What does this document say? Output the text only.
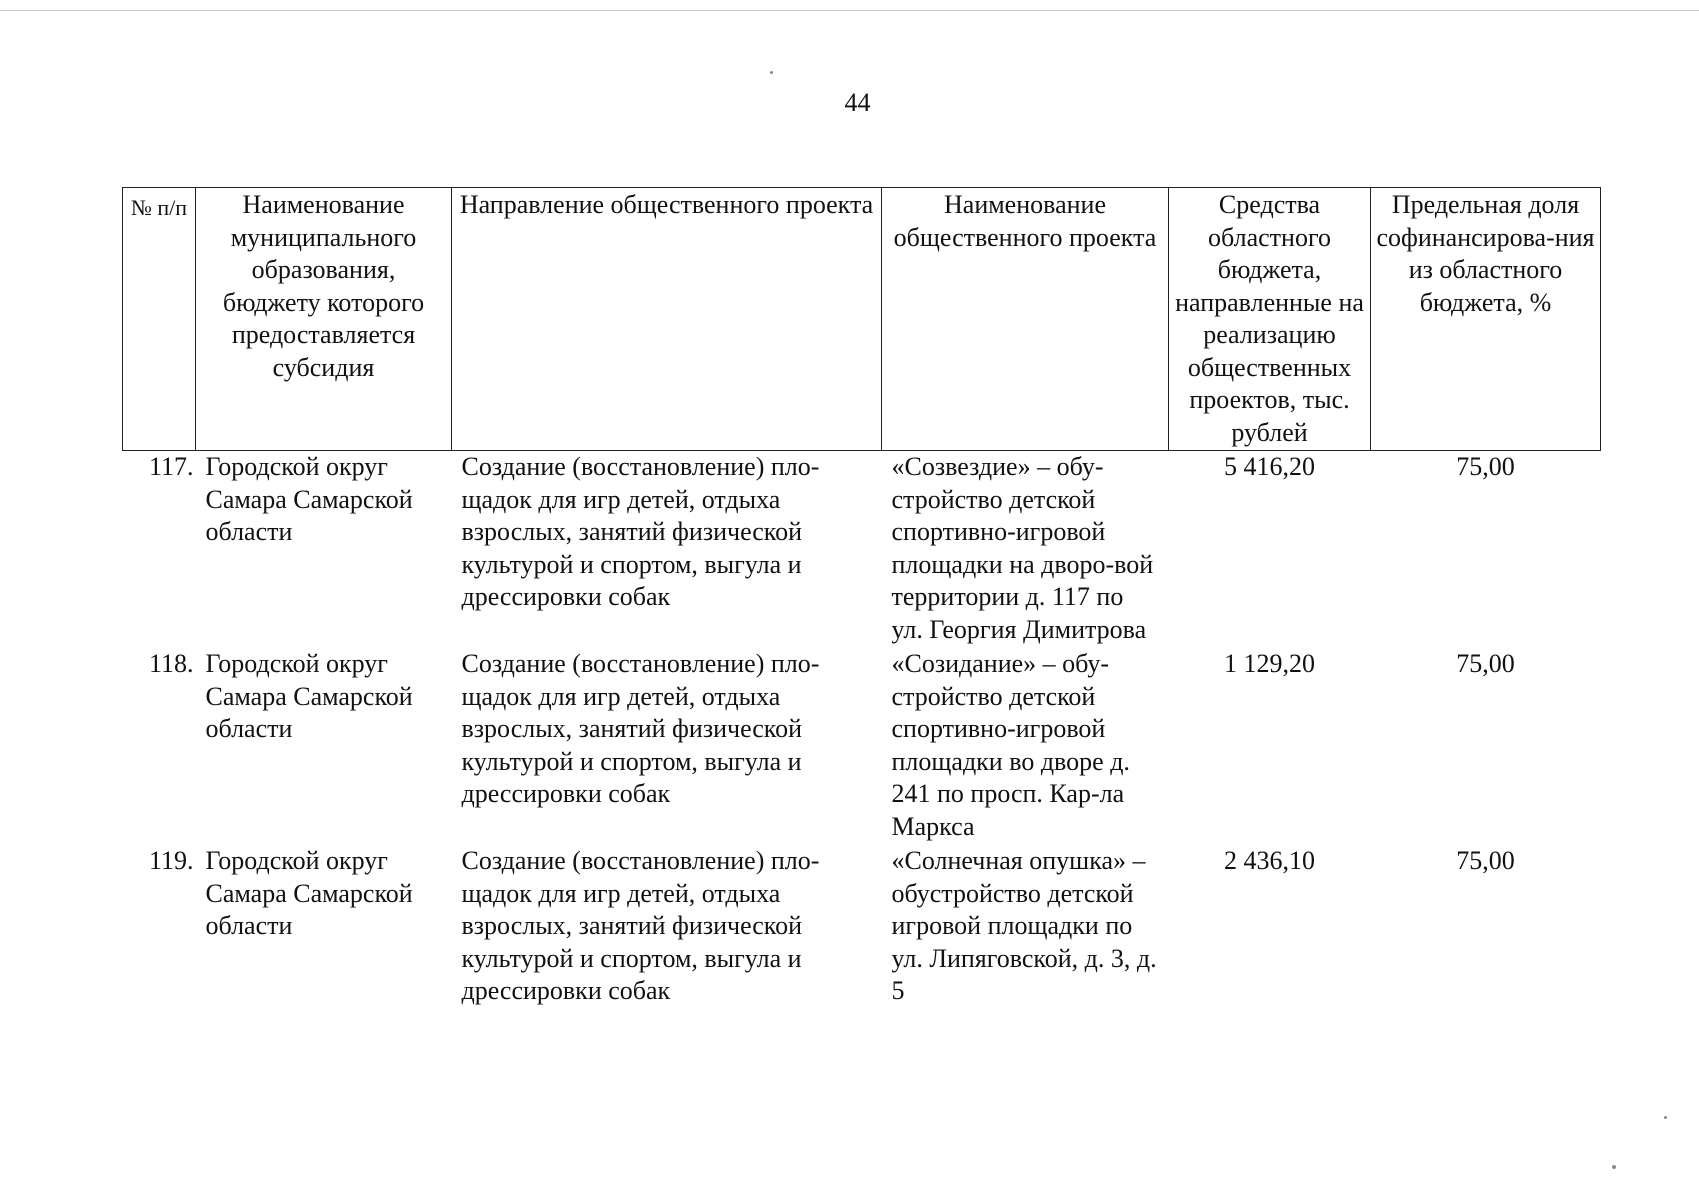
44
№ п/п	Наименование муниципального образования, бюджету которого предоставляется субсидия	Направление общественного проекта	Наименование общественного проекта	Средства областного бюджета, направленные на реализацию общественных проектов, тыс. рублей	Предельная доля софинансирова-ния из областного бюджета, %
117.	Городской округ Самара Самарской области	Создание (восстановление) пло-щадок для игр детей, отдыха взрослых, занятий физической культурой и спортом, выгула и дрессировки собак	«Созвездие» – обу-стройство детской спортивно-игровой площадки на дворо-вой территории д. 117 по ул. Георгия Димитрова	5 416,20	75,00
118.	Городской округ Самара Самарской области	Создание (восстановление) пло-щадок для игр детей, отдыха взрослых, занятий физической культурой и спортом, выгула и дрессировки собак	«Созидание» – обу-стройство детской спортивно-игровой площадки во дворе д. 241 по просп. Кар-ла Маркса	1 129,20	75,00
119.	Городской округ Самара Самарской области	Создание (восстановление) пло-щадок для игр детей, отдыха взрослых, занятий физической культурой и спортом, выгула и дрессировки собак	«Солнечная опушка» – обустройство детской игровой площадки по ул. Липяговской, д. 3, д. 5	2 436,10	75,00
